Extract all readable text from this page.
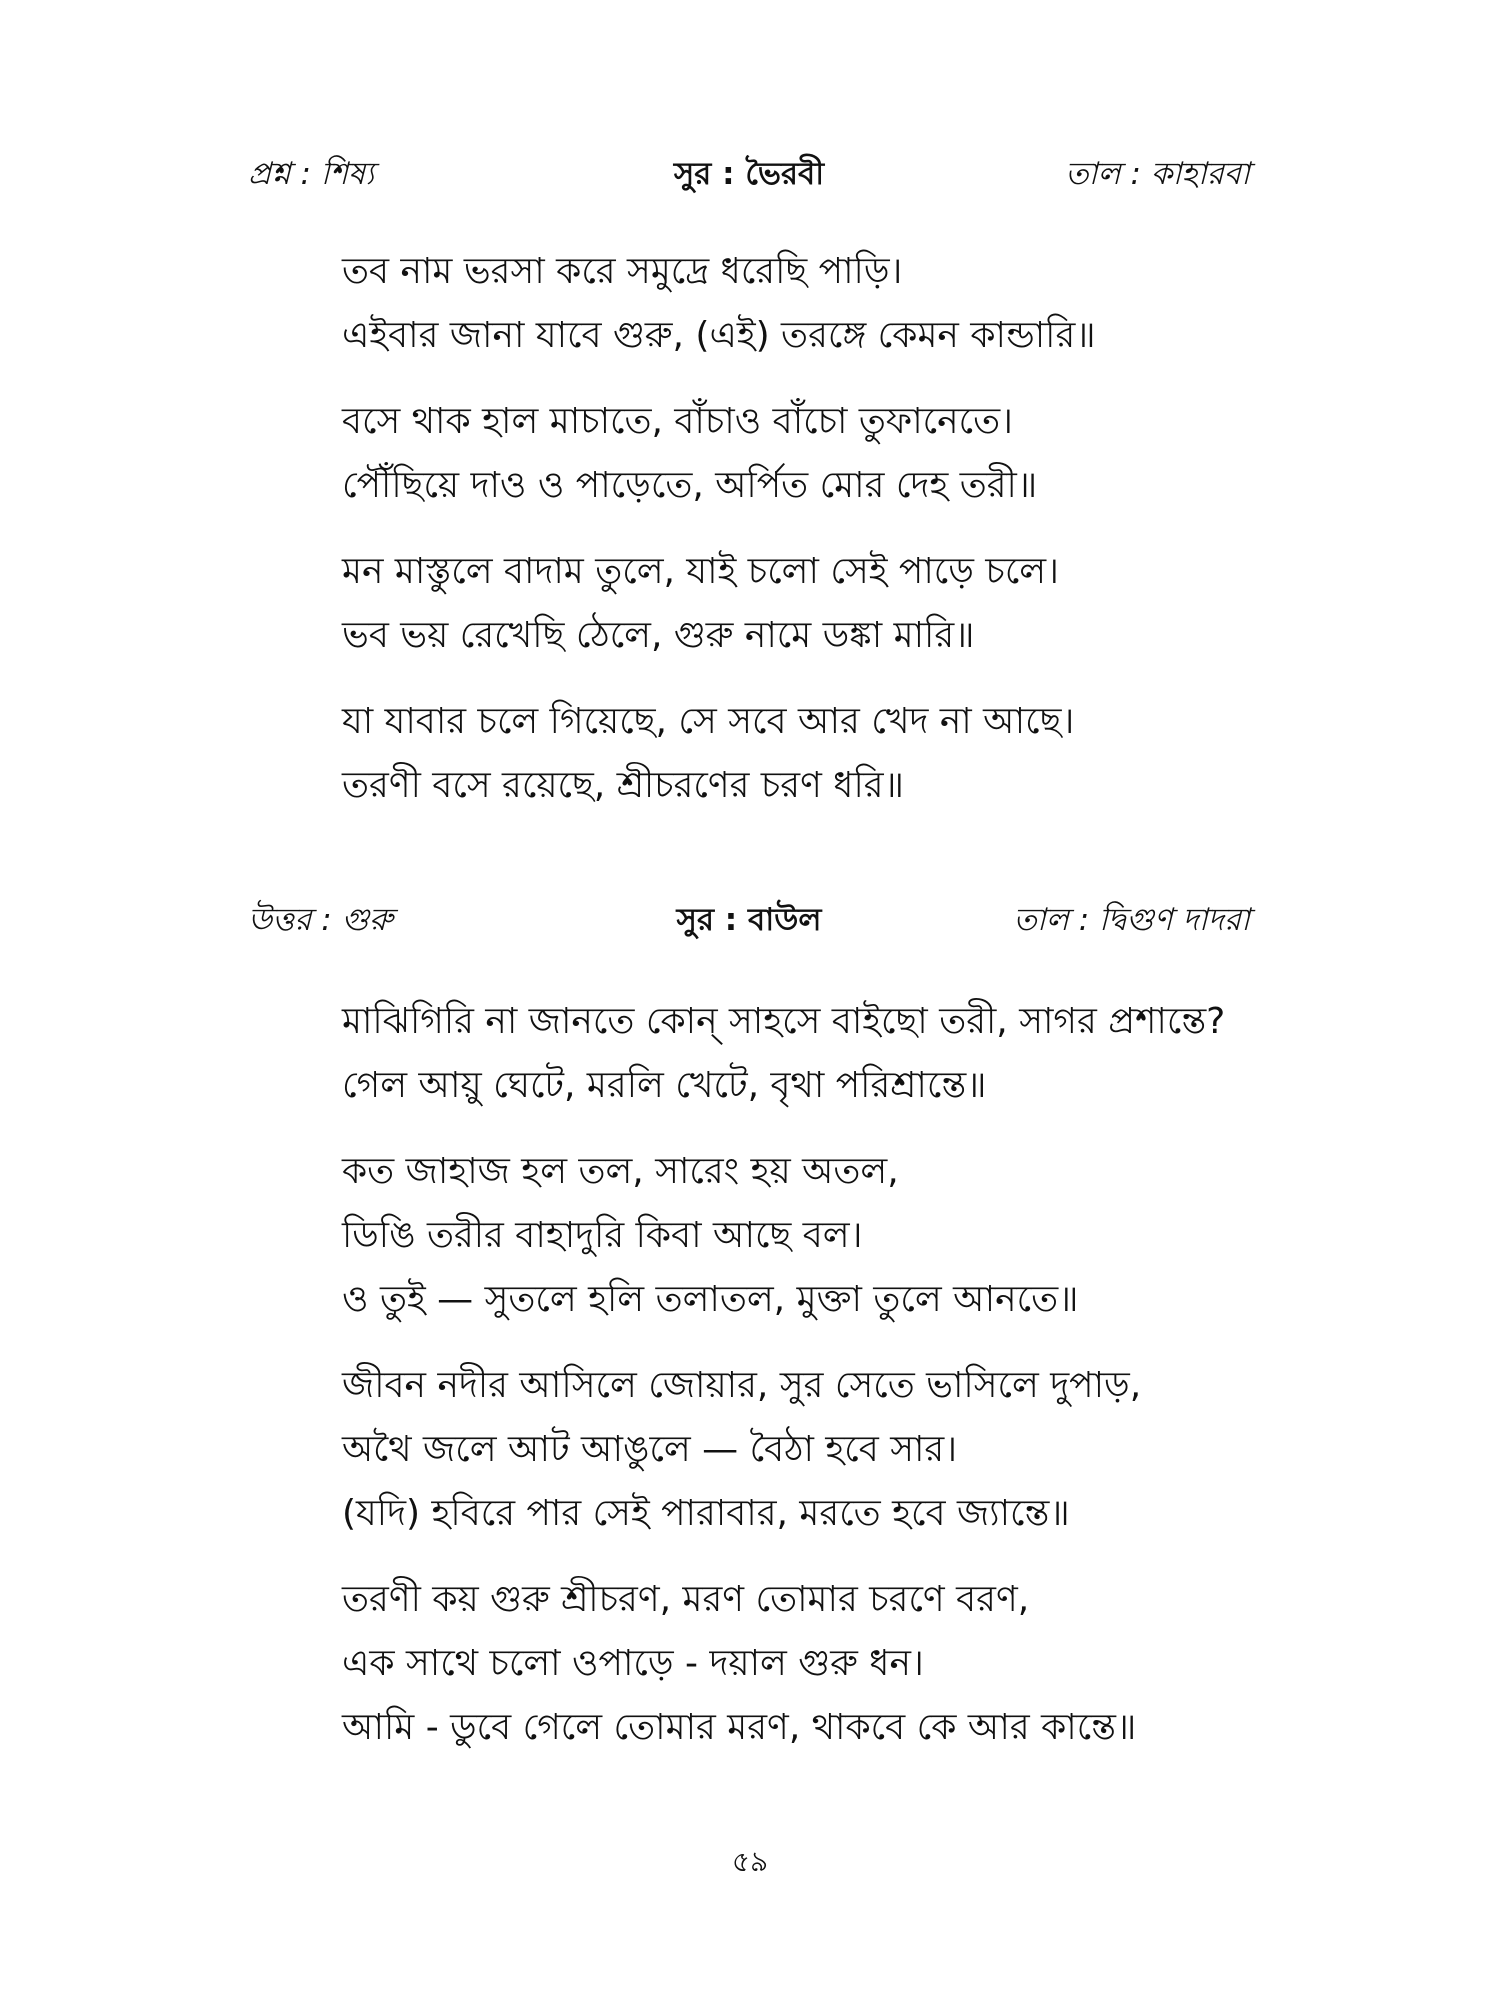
প্রশ্ন : শিষ্য	সুর : ভৈরবী	তাল : কাহারবা
তব নাম ভরসা করে সমুদ্রে ধরেছি পাড়ি।
এইবার জানা যাবে গুরু, (এই) তরঙ্গে কেমন কান্ডারি॥
বসে থাক হাল মাচাতে, বাঁচাও বাঁচো তুফানেতে।
পৌঁছিয়ে দাও ও পাড়েতে, অর্পিত মোর দেহ তরী॥
মন মাস্তুলে বাদাম তুলে, যাই চলো সেই পাড়ে চলে।
ভব ভয় রেখেছি ঠেলে, গুরু নামে ডঙ্কা মারি॥
যা যাবার চলে গিয়েছে, সে সবে আর খেদ না আছে।
তরণী বসে রয়েছে, শ্রীচরণের চরণ ধরি॥
উত্তর : গুরু	সুর : বাউল	তাল : দ্বিগুণ দাদরা
মাঝিগিরি না জানতে কোন্ সাহসে বাইছো তরী, সাগর প্রশান্তে?
গেল আয়ু ঘেটে, মরলি খেটে, বৃথা পরিশ্রান্তে॥
কত জাহাজ হল তল, সারেং হয় অতল,
ডিঙি তরীর বাহাদুরি কিবা আছে বল।
ও তুই — সুতলে হলি তলাতল, মুক্তা তুলে আনতে॥
জীবন নদীর আসিলে জোয়ার, সুর সেতে ভাসিলে দুপাড়,
অথৈ জলে আট আঙুলে — বৈঠা হবে সার।
(যদি) হবিরে পার সেই পারাবার, মরতে হবে জ্যান্তে॥
তরণী কয় গুরু শ্রীচরণ, মরণ তোমার চরণে বরণ,
এক সাথে চলো ওপাড়ে - দয়াল গুরু ধন।
আমি - ডুবে গেলে তোমার মরণ, থাকবে কে আর কান্তে॥
৫৯
